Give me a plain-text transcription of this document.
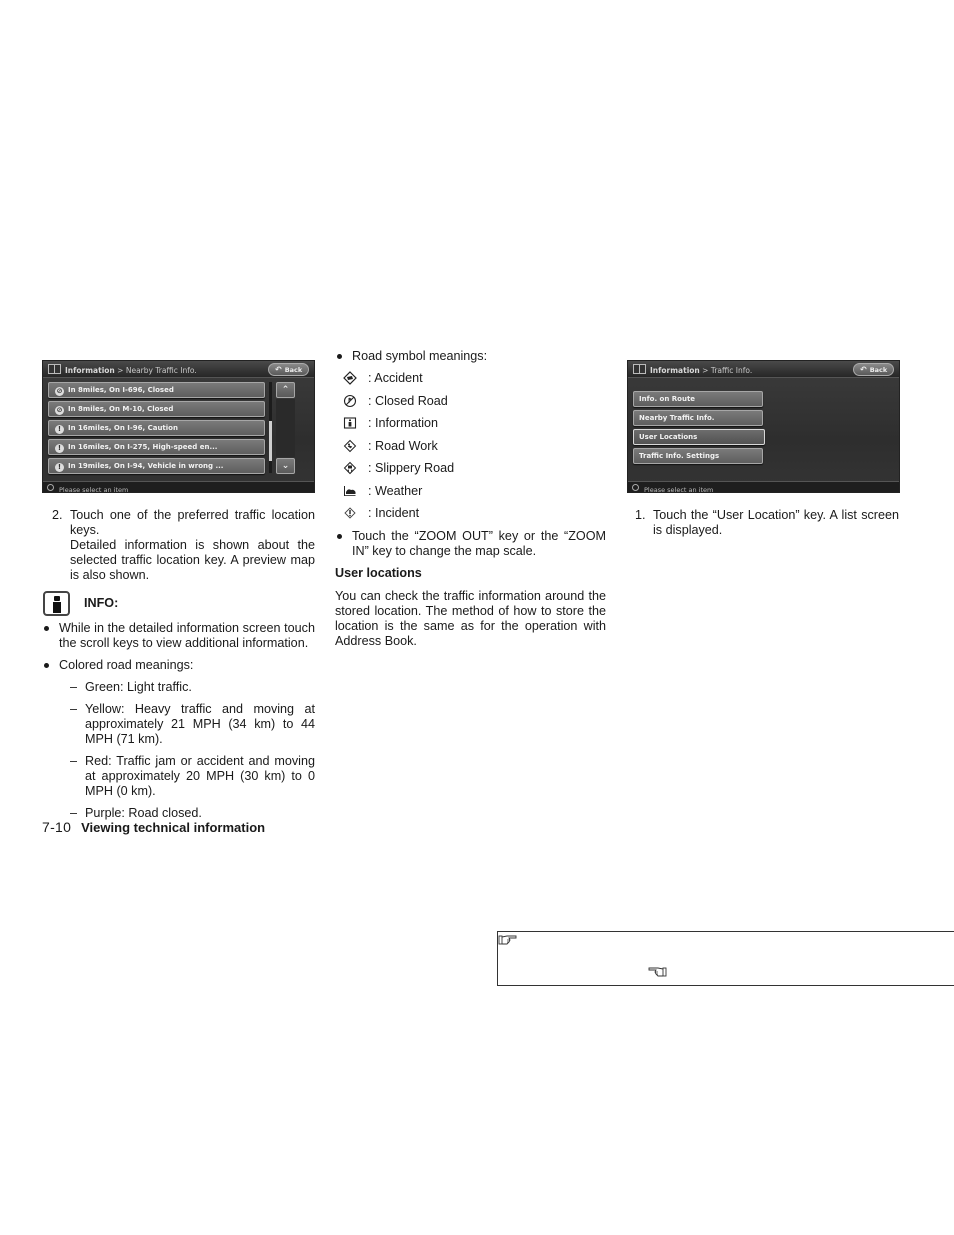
Information > Nearby Traffic Info.	↶ Back
⊘ In 8miles, On I-696, Closed
⊘ In 8miles, On M-10, Closed
! In 16miles, On I-96, Caution
! In 16miles, On I-275, High-speed en...
! In 19miles, On I-94, Vehicle in wrong ...
⌃
⌄
Please select an item
2. Touch one of the preferred traffic location keys.
Detailed information is shown about the selected traffic location key. A preview map is also shown.
INFO:
While in the detailed information screen touch the scroll keys to view additional information.
Colored road meanings:
– Green: Light traffic.
– Yellow: Heavy traffic and moving at approximately 21 MPH (34 km) to 44 MPH (71 km).
– Red: Traffic jam or accident and moving at approximately 20 MPH (30 km) to 0 MPH (0 km).
– Purple: Road closed.
7-10 Viewing technical information
Road symbol meanings:
: Accident
: Closed Road
: Information
: Road Work
: Slippery Road
: Weather
: Incident
Touch the “ZOOM OUT” key or the “ZOOM IN” key to change the map scale.
User locations
You can check the traffic information around the stored location. The method of how to store the location is the same as for the operation with Address Book.
Information > Traffic Info.	↶ Back
Info. on Route
Nearby Traffic Info.
User Locations
Traffic Info. Settings
Please select an item
1. Touch the “User Location” key. A list screen is displayed.
